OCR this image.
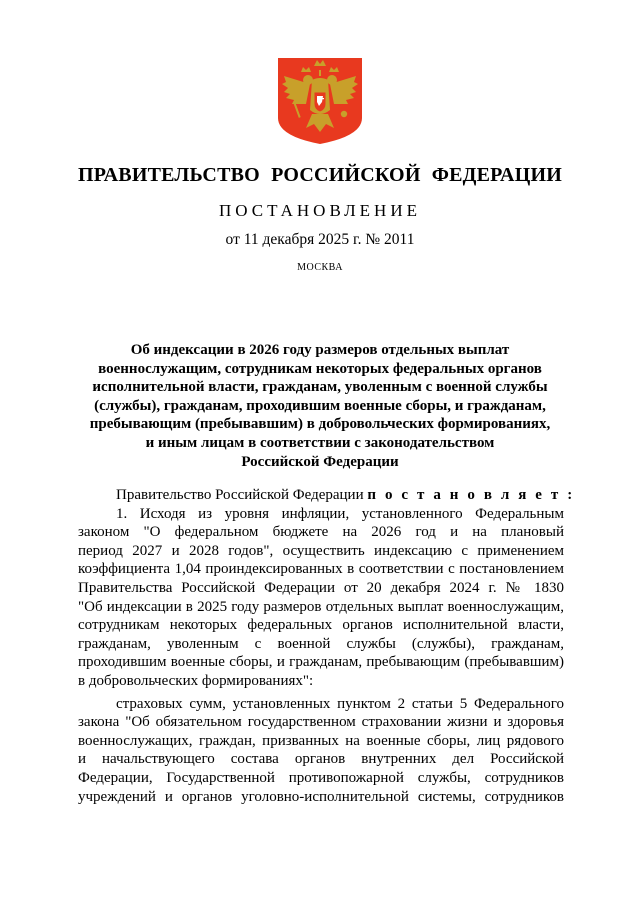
ПРАВИТЕЛЬСТВО РОССИЙСКОЙ ФЕДЕРАЦИИ
ПОСТАНОВЛЕНИЕ
от 11 декабря 2025 г. № 2011
МОСКВА
Об индексации в 2026 году размеров отдельных выплат
военнослужащим, сотрудникам некоторых федеральных органов
исполнительной власти, гражданам, уволенным с военной службы
(службы), гражданам, проходившим военные сборы, и гражданам,
пребывающим (пребывавшим) в добровольческих формированиях,
и иным лицам в соответствии с законодательством
Российской Федерации
Правительство Российской Федерации п о с т а н о в л я е т :
1. Исходя из уровня инфляции, установленного Федеральным
законом "О федеральном бюджете на 2026 год и на плановый
период 2027 и 2028 годов", осуществить индексацию с применением
коэффициента 1,04 проиндексированных в соответствии с постановлением
Правительства Российской Федерации от 20 декабря 2024 г. № 1830
"Об индексации в 2025 году размеров отдельных выплат военнослужащим,
сотрудникам некоторых федеральных органов исполнительной власти,
гражданам, уволенным с военной службы (службы), гражданам,
проходившим военные сборы, и гражданам, пребывающим (пребывавшим)
в добровольческих формированиях":
страховых сумм, установленных пунктом 2 статьи 5 Федерального
закона "Об обязательном государственном страховании жизни и здоровья
военнослужащих, граждан, призванных на военные сборы, лиц рядового
и начальствующего состава органов внутренних дел Российской
Федерации, Государственной противопожарной службы, сотрудников
учреждений и органов уголовно-исполнительной системы, сотрудников
